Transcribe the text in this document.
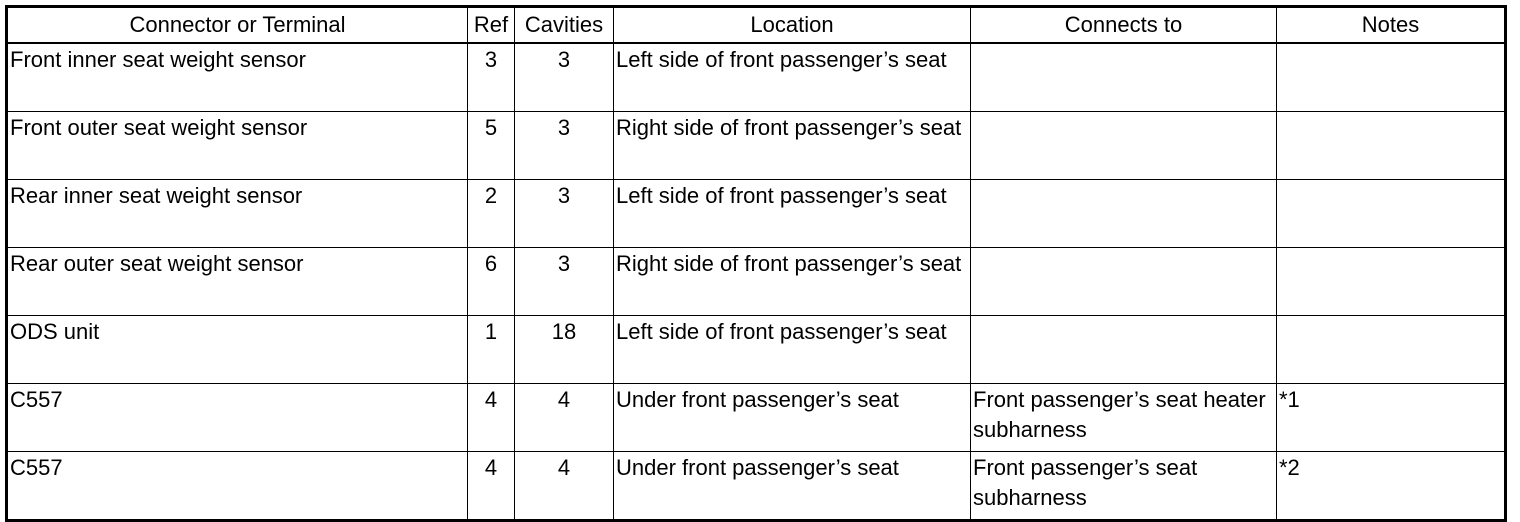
Connector or Terminal	Ref	Cavities	Location	Connects to	Notes
Front inner seat weight sensor	3	3	Left side of front passenger’s seat		
Front outer seat weight sensor	5	3	Right side of front passenger’s seat		
Rear inner seat weight sensor	2	3	Left side of front passenger’s seat		
Rear outer seat weight sensor	6	3	Right side of front passenger’s seat		
ODS unit	1	18	Left side of front passenger’s seat		
C557	4	4	Under front passenger’s seat	Front passenger’s seat heater subharness	*1
C557	4	4	Under front passenger’s seat	Front passenger’s seat subharness	*2
